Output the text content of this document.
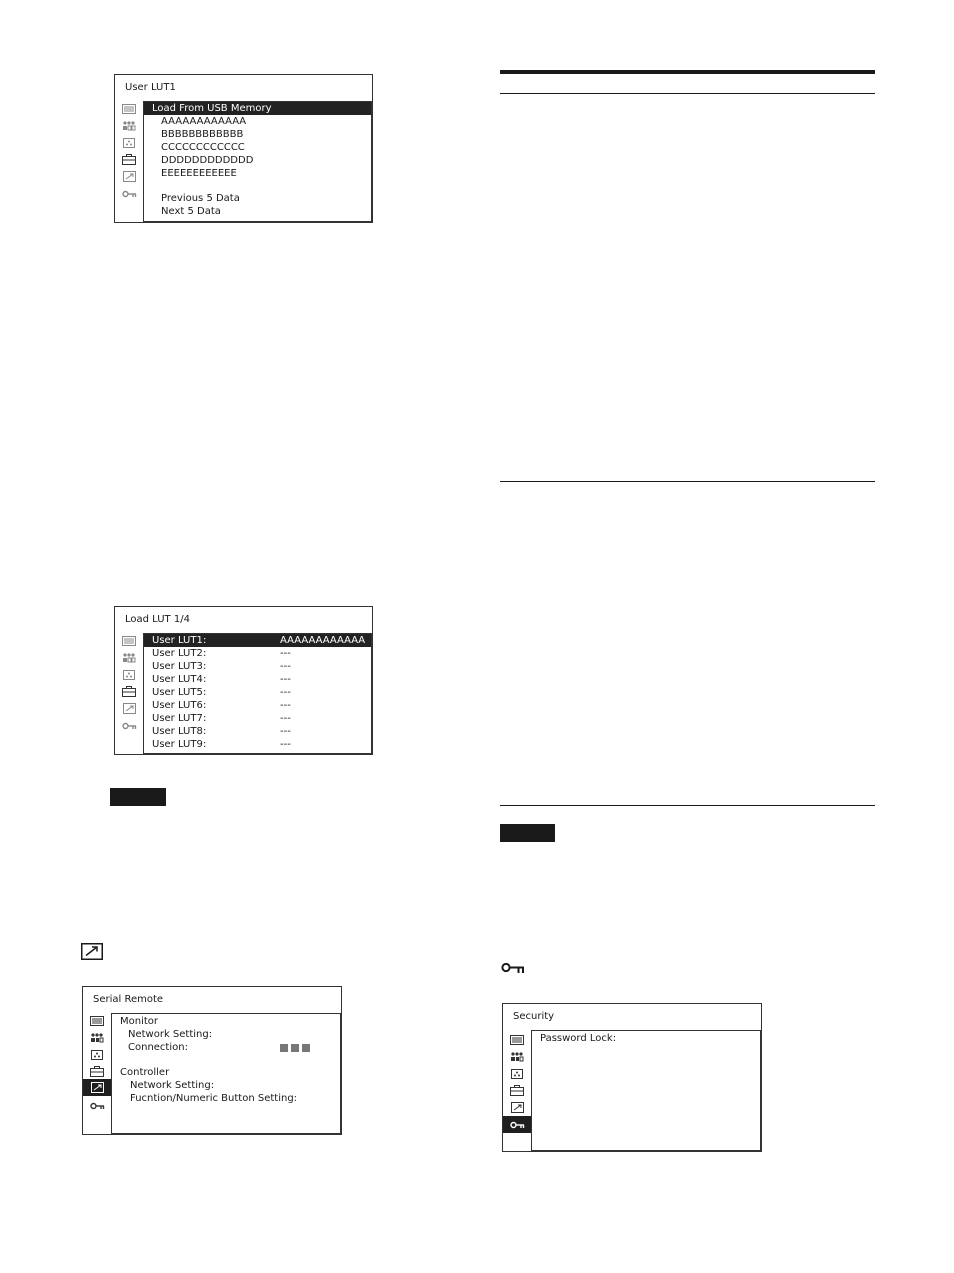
User LUT1
Load From USB Memory
AAAAAAAAAAAA
BBBBBBBBBBBB
CCCCCCCCCCCC
DDDDDDDDDDDD
EEEEEEEEEEEE
Previous 5 Data
Next 5 Data
Load LUT 1/4
User LUT1 :	AAAAAAAAAAAA
User LUT2 :	---
User LUT3 :	---
User LUT4 :	---
User LUT5 :	---
User LUT6 :	---
User LUT7 :	---
User LUT8 :	---
User LUT9 :	---
Serial Remote
Monitor
Network Setting:
Connection:
Controller
Network Setting:
Fucntion/Numeric Button Setting:
Security
Password Lock:
